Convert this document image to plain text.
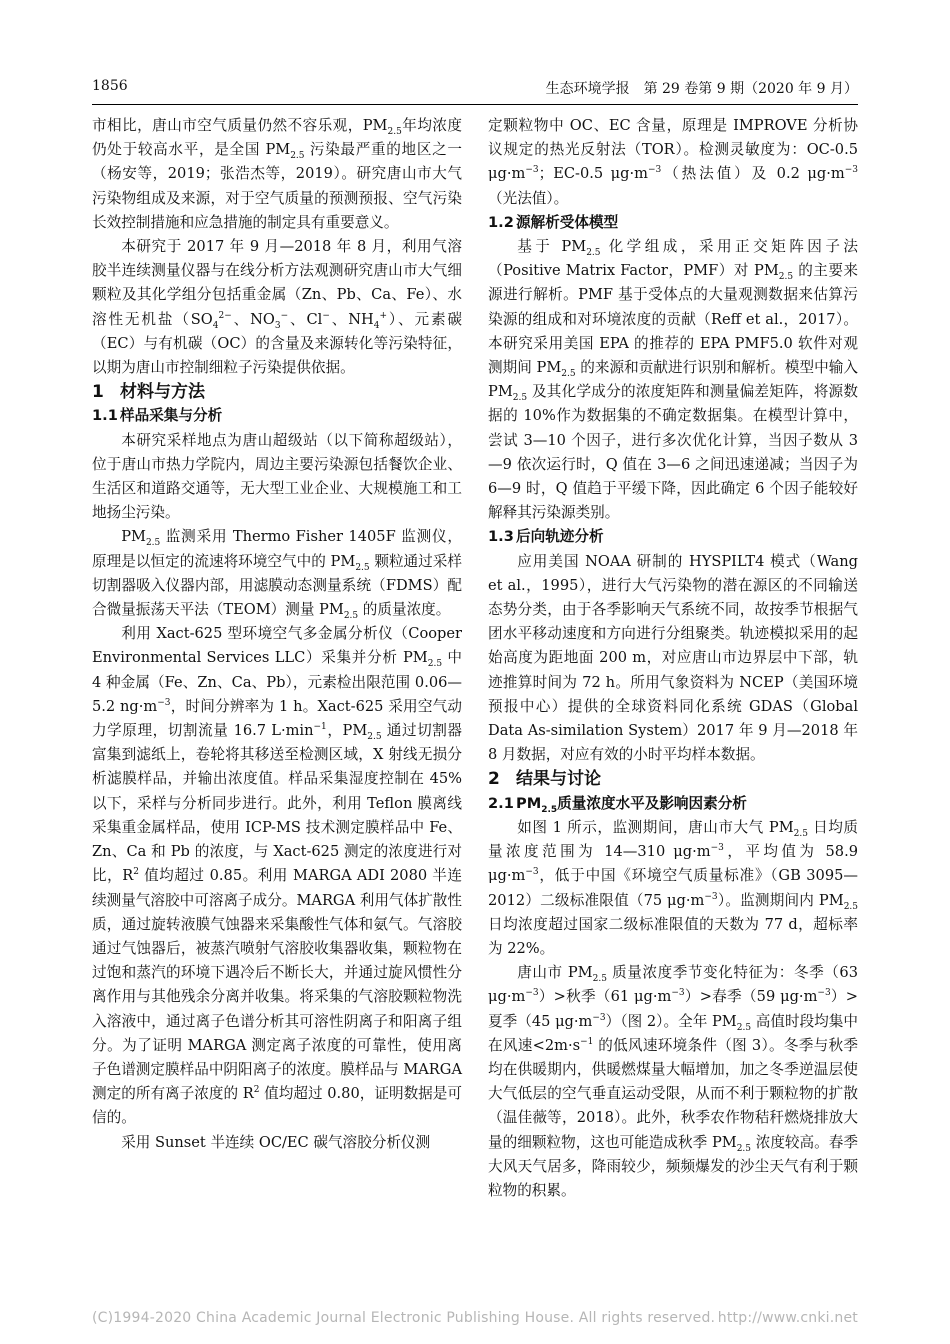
1856	生态环境学报　第 29 卷第 9 期（2020 年 9 月）

市相比，唐山市空气质量仍然不容乐观，$PM_{2.5}$年均浓度仍处于较高水平，是全国 $PM_{2.5}$ 污染最严重的地区之一（杨安等，2019；张浩杰等，2019）。研究唐山市大气污染物组成及来源，对于空气质量的预测预报、空气污染长效控制措施和应急措施的制定具有重要意义。

本研究于 2017 年 9 月—2018 年 8 月，利用气溶胶半连续测量仪器与在线分析方法观测研究唐山市大气细颗粒及其化学组分包括重金属（Zn、Pb、Ca、Fe）、水溶性无机盐（$SO_4^{2-}$、$NO_3^-$、Cl−、$NH_4^+$）、元素碳（EC）与有机碳（OC）的含量及来源转化等污染特征，以期为唐山市控制细粒子污染提供依据。

1 材料与方法
1.1 样品采集与分析

本研究采样地点为唐山超级站（以下简称超级站），位于唐山市热力学院内，周边主要污染源包括餐饮企业、生活区和道路交通等，无大型工业企业、大规模施工和工地扬尘污染。

$PM_{2.5}$ 监测采用 Thermo Fisher 1405F 监测仪，原理是以恒定的流速将环境空气中的 $PM_{2.5}$ 颗粒通过采样切割器吸入仪器内部，用滤膜动态测量系统（FDMS）配合微量振荡天平法（TEOM）测量 $PM_{2.5}$ 的质量浓度。

利用 Xact-625 型环境空气多金属分析仪（Cooper Environmental Services LLC）采集并分析 $PM_{2.5}$ 中 4 种金属（Fe、Zn、Ca、Pb），元素检出限范围 0.06—5.2 $ng\cdot m^{-3}$，时间分辨率为 1 h。Xact-625 采用空气动力学原理，切割流量 16.7 $L\cdot\min^{-1}$，$PM_{2.5}$ 通过切割器富集到滤纸上，卷轮将其移送至检测区域，X 射线无损分析滤膜样品，并输出浓度值。样品采集湿度控制在 45%以下，采样与分析同步进行。此外，利用 Teflon 膜离线采集重金属样品，使用 ICP-MS 技术测定膜样品中 Fe、Zn、Ca 和 Pb 的浓度，与 Xact-625 测定的浓度进行对比，$R^2$ 值均超过 0.85。利用 MARGA ADI 2080 半连续测量气溶胶中可溶离子成分。MARGA 利用气体扩散性质，通过旋转液膜气蚀器来采集酸性气体和氨气。气溶胶通过气蚀器后，被蒸汽喷射气溶胶收集器收集，颗粒物在过饱和蒸汽的环境下遇冷后不断长大，并通过旋风惯性分离作用与其他残余分离并收集。将采集的气溶胶颗粒物洗入溶液中，通过离子色谱分析其可溶性阴离子和阳离子组分。为了证明 MARGA 测定离子浓度的可靠性，使用离子色谱测定膜样品中阴阳离子的浓度。膜样品与 MARGA 测定的所有离子浓度的 $R^2$ 值均超过 0.80，证明数据是可信的。

采用 Sunset 半连续 OC/EC 碳气溶胶分析仪测

定颗粒物中 OC、EC 含量，原理是 IMPROVE 分析协议规定的热光反射法（TOR）。检测灵敏度为：OC-0.5 $\mu g\cdot m^{-3}$；EC-0.5 $\mu g\cdot m^{-3}$（热法值）及 0.2 $\mu g\cdot m^{-3}$（光法值）。

1.2 源解析受体模型

基于 $PM_{2.5}$ 化学组成，采用正交矩阵因子法（Positive Matrix Factor，PMF）对 $PM_{2.5}$ 的主要来源进行解析。PMF 基于受体点的大量观测数据来估算污染源的组成和对环境浓度的贡献（Reff et al.，2017）。本研究采用美国 EPA 的推荐的 EPA PMF5.0 软件对观测期间 $PM_{2.5}$ 的来源和贡献进行识别和解析。模型中输入 $PM_{2.5}$ 及其化学成分的浓度矩阵和测量偏差矩阵，将源数据的 10%作为数据集的不确定数据集。在模型计算中，尝试 3—10 个因子，进行多次优化计算，当因子数从 3—9 依次运行时，Q 值在 3—6 之间迅速递减；当因子为 6—9 时，Q 值趋于平缓下降，因此确定 6 个因子能较好解释其污染源类别。

1.3 后向轨迹分析

应用美国 NOAA 研制的 HYSPILT4 模式（Wang et al.，1995），进行大气污染物的潜在源区的不同输送态势分类，由于各季影响天气系统不同，故按季节根据气团水平移动速度和方向进行分组聚类。轨迹模拟采用的起始高度为距地面 200 m，对应唐山市边界层中下部，轨迹推算时间为 72 h。所用气象资料为 NCEP（美国环境预报中心）提供的全球资料同化系统 GDAS（Global Data As-similation System）2017 年 9 月—2018 年 8 月数据，对应有效的小时平均样本数据。

2 结果与讨论
2.1 $PM_{2.5}$质量浓度水平及影响因素分析

如图 1 所示，监测期间，唐山市大气 $PM_{2.5}$ 日均质量浓度范围为 14—310 $\mu g\cdot m^{-3}$，平均值为 58.9 $\mu g\cdot m^{-3}$，低于中国《环境空气质量标准》（GB 3095—2012）二级标准限值（75 $\mu g\cdot m^{-3}$）。监测期间内 $PM_{2.5}$ 日均浓度超过国家二级标准限值的天数为 77 d，超标率为 22%。

唐山市 $PM_{2.5}$ 质量浓度季节变化特征为：冬季（63 $\mu g\cdot m^{-3})>$秋季（61 $\mu g\cdot m^{-3})>$春季（59 $\mu g\cdot m^{-3})>$夏季（45 $\mu g\cdot m^{-3}$）（图 2）。全年 $PM_{2.5}$ 高值时段均集中在风速$<2m\cdot s^{-1}$ 的低风速环境条件（图 3）。冬季与秋季均在供暖期内，供暖燃煤量大幅增加，加之冬季逆温层使大气低层的空气垂直运动受限，从而不利于颗粒物的扩散（温佳薇等，2018）。此外，秋季农作物秸秆燃烧排放大量的细颗粒物，这也可能造成秋季 $PM_{2.5}$ 浓度较高。春季大风天气居多，降雨较少，频频爆发的沙尘天气有利于颗粒物的积累。

(C)1994-2020 China Academic Journal Electronic Publishing House. All rights reserved. http://www.cnki.net
